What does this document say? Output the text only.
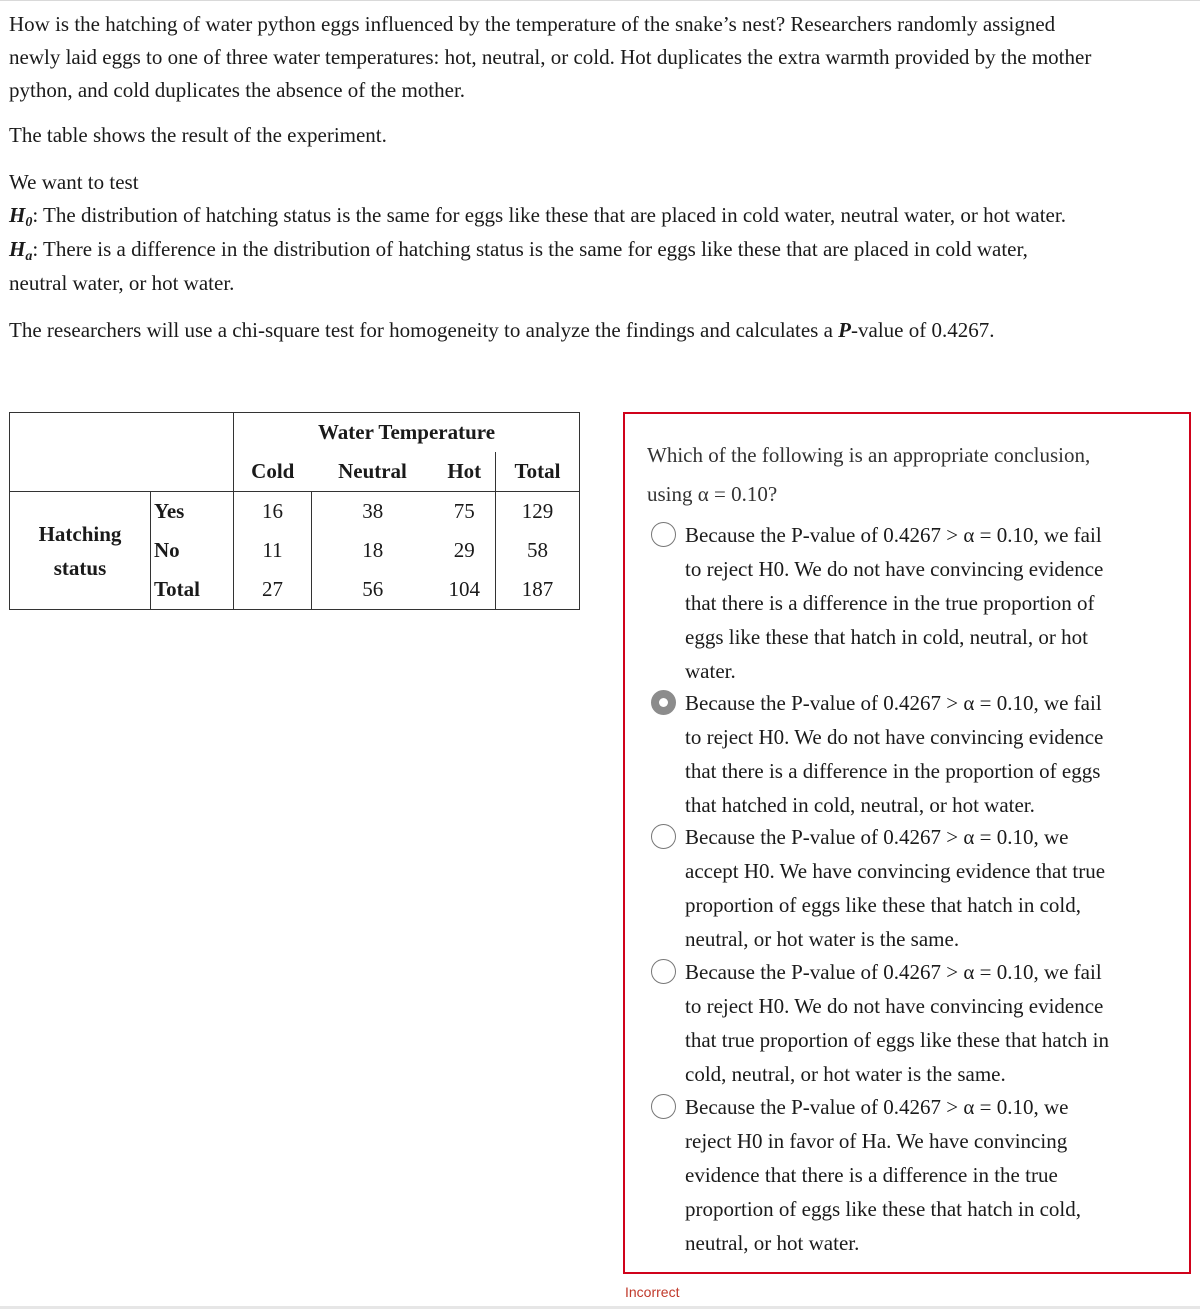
How is the hatching of water python eggs influenced by the temperature of the snake’s nest? Researchers randomly assigned

newly laid eggs to one of three water temperatures: hot, neutral, or cold. Hot duplicates the extra warmth provided by the mother

python, and cold duplicates the absence of the mother.

The table shows the result of the experiment.

We want to test

$H_0$: The distribution of hatching status is the same for eggs like these that are placed in cold water, neutral water, or hot water.

$H_a$: There is a difference in the distribution of hatching status is the same for eggs like these that are placed in cold water,

neutral water, or hot water.

The researchers will use a chi-square test for homogeneity to analyze the findings and calculates a P-value of 0.4267.

		Water Temperature			
		Cold	Neutral	Hot	Total
Hatching
status	Yes	16	38	75	129
	No	11	18	29	58
	Total	27	56	104	187

Which of the following is an appropriate conclusion,
using α = 0.10?

Because the P-value of 0.4267 > α = 0.10, we fail
to reject H0. We do not have convincing evidence
that there is a difference in the true proportion of
eggs like these that hatch in cold, neutral, or hot
water.

Because the P-value of 0.4267 > α = 0.10, we fail
to reject H0. We do not have convincing evidence
that there is a difference in the proportion of eggs
that hatched in cold, neutral, or hot water.

Because the P-value of 0.4267 > α = 0.10, we
accept H0. We have convincing evidence that true
proportion of eggs like these that hatch in cold,
neutral, or hot water is the same.

Because the P-value of 0.4267 > α = 0.10, we fail
to reject H0. We do not have convincing evidence
that true proportion of eggs like these that hatch in
cold, neutral, or hot water is the same.

Because the P-value of 0.4267 > α = 0.10, we
reject H0 in favor of Ha. We have convincing
evidence that there is a difference in the true
proportion of eggs like these that hatch in cold,
neutral, or hot water.

Incorrect
